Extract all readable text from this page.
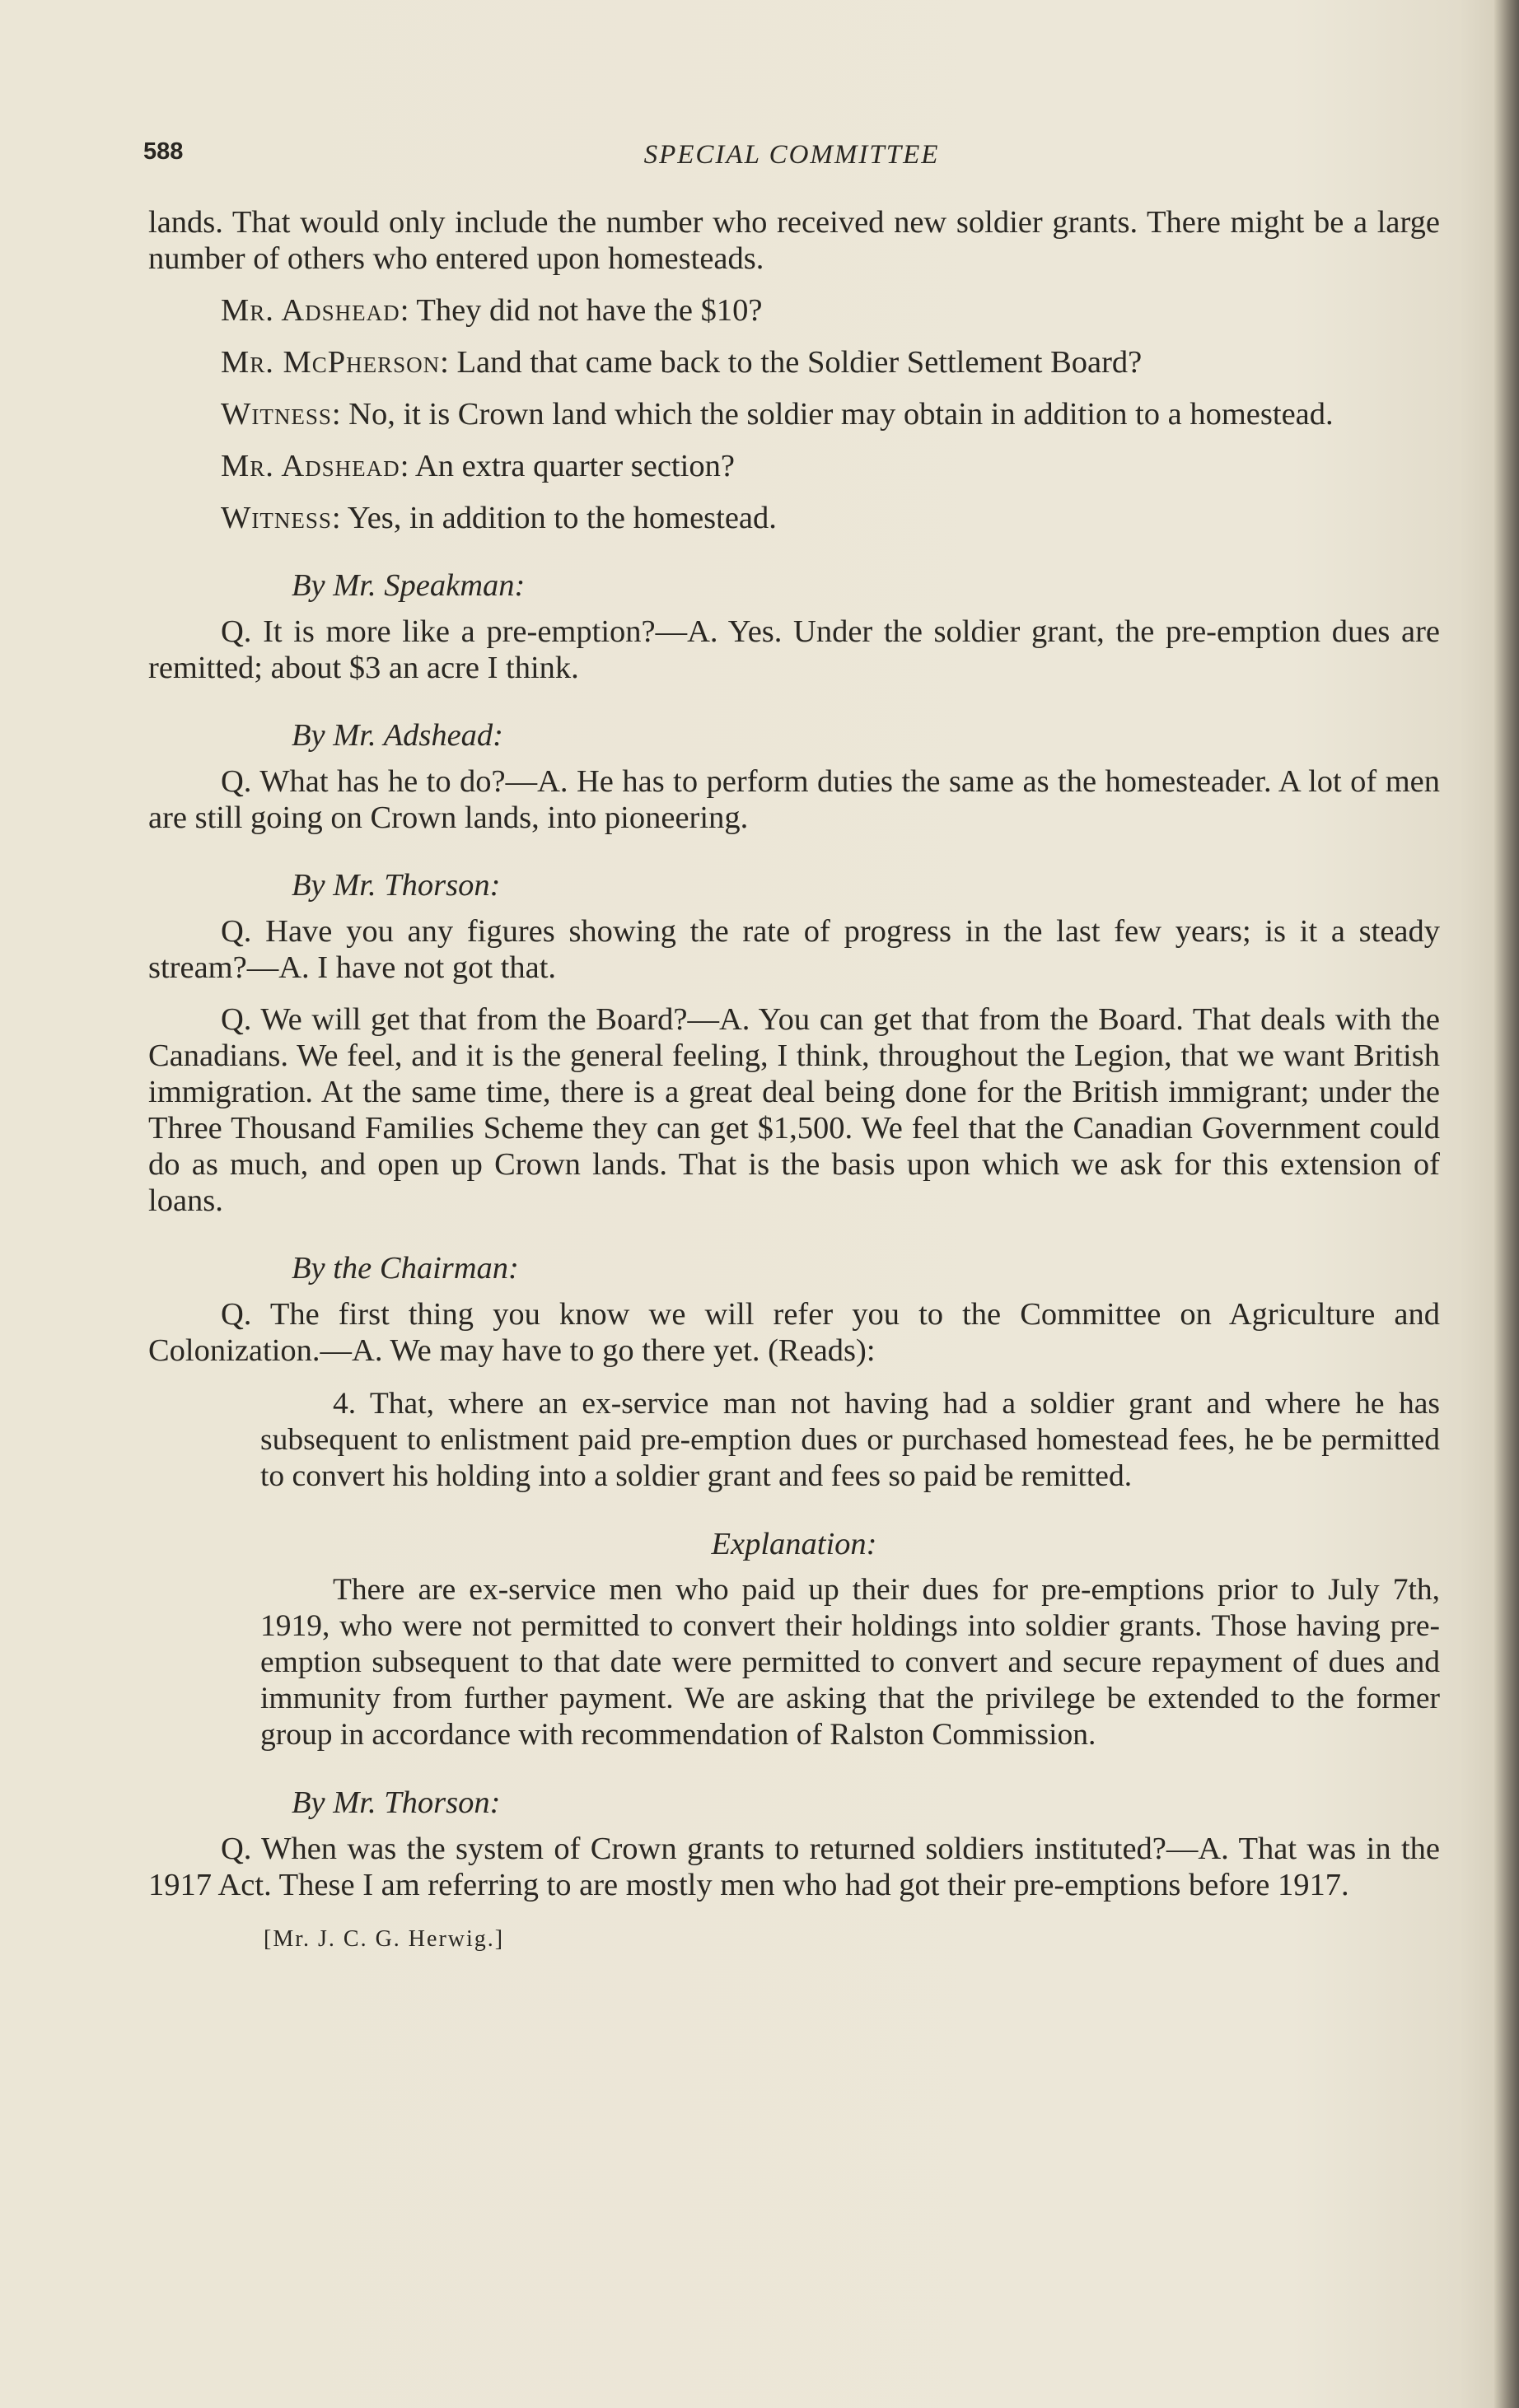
588	SPECIAL COMMITTEE

lands. That would only include the number who received new soldier grants. There might be a large number of others who entered upon homesteads.

Mr. Adshead: They did not have the $10?

Mr. McPherson: Land that came back to the Soldier Settlement Board?

Witness: No, it is Crown land which the soldier may obtain in addition to a homestead.

Mr. Adshead: An extra quarter section?

Witness: Yes, in addition to the homestead.

By Mr. Speakman:

Q. It is more like a pre-emption?—A. Yes. Under the soldier grant, the pre-emption dues are remitted; about $3 an acre I think.

By Mr. Adshead:

Q. What has he to do?—A. He has to perform duties the same as the homesteader. A lot of men are still going on Crown lands, into pioneering.

By Mr. Thorson:

Q. Have you any figures showing the rate of progress in the last few years; is it a steady stream?—A. I have not got that.

Q. We will get that from the Board?—A. You can get that from the Board. That deals with the Canadians. We feel, and it is the general feeling, I think, throughout the Legion, that we want British immigration. At the same time, there is a great deal being done for the British immigrant; under the Three Thousand Families Scheme they can get $1,500. We feel that the Canadian Government could do as much, and open up Crown lands. That is the basis upon which we ask for this extension of loans.

By the Chairman:

Q. The first thing you know we will refer you to the Committee on Agriculture and Colonization.—A. We may have to go there yet. (Reads):

4. That, where an ex-service man not having had a soldier grant and where he has subsequent to enlistment paid pre-emption dues or purchased homestead fees, he be permitted to convert his holding into a soldier grant and fees so paid be remitted.

Explanation:

There are ex-service men who paid up their dues for pre-emptions prior to July 7th, 1919, who were not permitted to convert their holdings into soldier grants. Those having pre-emption subsequent to that date were permitted to convert and secure repayment of dues and immunity from further payment. We are asking that the privilege be extended to the former group in accordance with recommendation of Ralston Commission.

By Mr. Thorson:

Q. When was the system of Crown grants to returned soldiers instituted?—A. That was in the 1917 Act. These I am referring to are mostly men who had got their pre-emptions before 1917.

[Mr. J. C. G. Herwig.]
